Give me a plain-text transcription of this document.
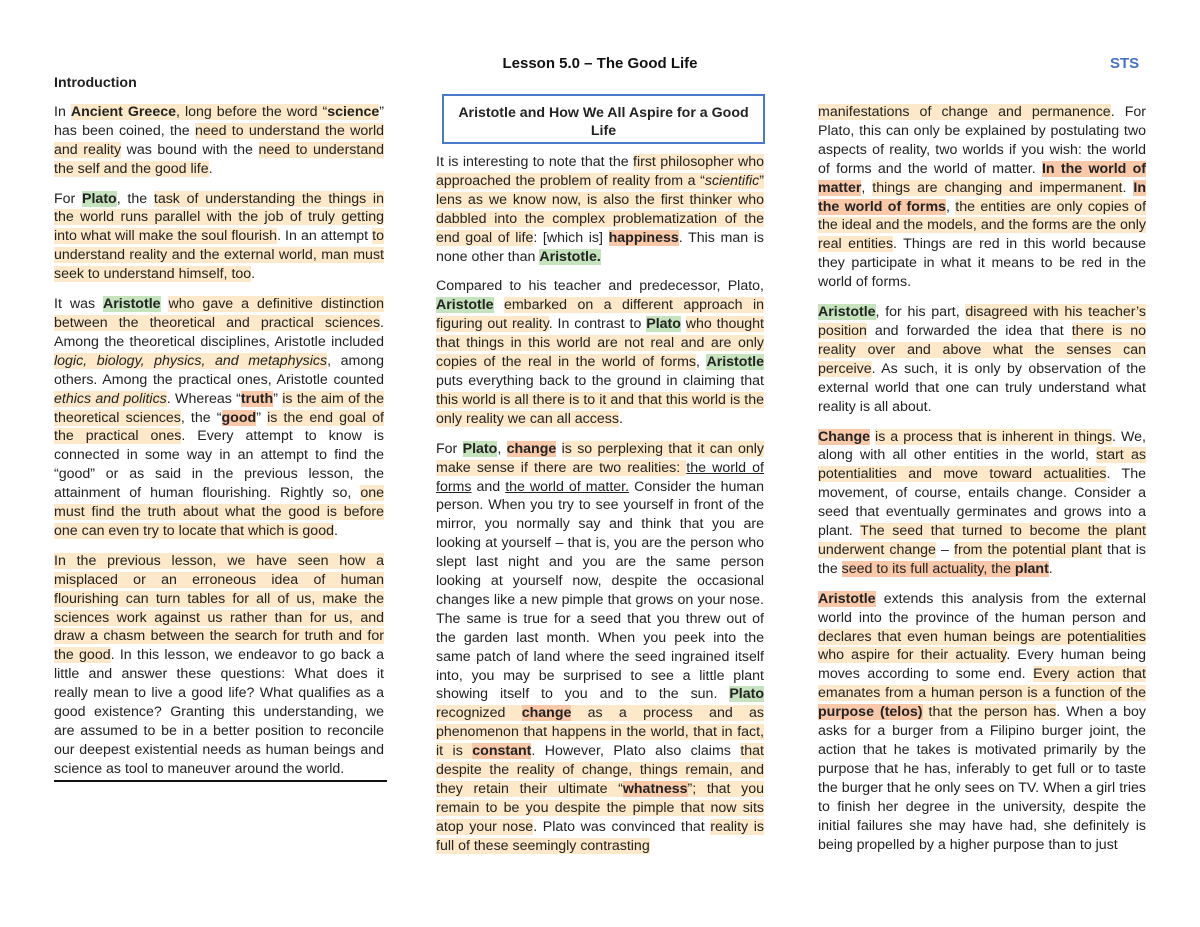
Lesson 5.0 – The Good Life	STS
Introduction

In Ancient Greece, long before the word “science” has been coined, the need to understand the world and reality was bound with the need to understand the self and the good life.

For Plato, the task of understanding the things in the world runs parallel with the job of truly getting into what will make the soul flourish. In an attempt to understand reality and the external world, man must seek to understand himself, too.

It was Aristotle who gave a definitive distinction between the theoretical and practical sciences. Among the theoretical disciplines, Aristotle included logic, biology, physics, and metaphysics, among others. Among the practical ones, Aristotle counted ethics and politics. Whereas “truth” is the aim of the theoretical sciences, the “good” is the end goal of the practical ones. Every attempt to know is connected in some way in an attempt to find the “good” or as said in the previous lesson, the attainment of human flourishing. Rightly so, one must find the truth about what the good is before one can even try to locate that which is good.

In the previous lesson, we have seen how a misplaced or an erroneous idea of human flourishing can turn tables for all of us, make the sciences work against us rather than for us, and draw a chasm between the search for truth and for the good. In this lesson, we endeavor to go back a little and answer these questions: What does it really mean to live a good life? What qualifies as a good existence? Granting this understanding, we are assumed to be in a better position to reconcile our deepest existential needs as human beings and science as tool to maneuver around the world.

Aristotle and How We All Aspire for a Good Life

It is interesting to note that the first philosopher who approached the problem of reality from a “scientific” lens as we know now, is also the first thinker who dabbled into the complex problematization of the end goal of life: [which is] happiness. This man is none other than Aristotle.

Compared to his teacher and predecessor, Plato, Aristotle embarked on a different approach in figuring out reality. In contrast to Plato who thought that things in this world are not real and are only copies of the real in the world of forms, Aristotle puts everything back to the ground in claiming that this world is all there is to it and that this world is the only reality we can all access.

For Plato, change is so perplexing that it can only make sense if there are two realities: the world of forms and the world of matter. Consider the human person. When you try to see yourself in front of the mirror, you normally say and think that you are looking at yourself – that is, you are the person who slept last night and you are the same person looking at yourself now, despite the occasional changes like a new pimple that grows on your nose. The same is true for a seed that you threw out of the garden last month. When you peek into the same patch of land where the seed ingrained itself into, you may be surprised to see a little plant showing itself to you and to the sun. Plato recognized change as a process and as phenomenon that happens in the world, that in fact, it is constant. However, Plato also claims that despite the reality of change, things remain, and they retain their ultimate “whatness”; that you remain to be you despite the pimple that now sits atop your nose. Plato was convinced that reality is full of these seemingly contrasting

manifestations of change and permanence. For Plato, this can only be explained by postulating two aspects of reality, two worlds if you wish: the world of forms and the world of matter. In the world of matter, things are changing and impermanent. In the world of forms, the entities are only copies of the ideal and the models, and the forms are the only real entities. Things are red in this world because they participate in what it means to be red in the world of forms.

Aristotle, for his part, disagreed with his teacher’s position and forwarded the idea that there is no reality over and above what the senses can perceive. As such, it is only by observation of the external world that one can truly understand what reality is all about.

Change is a process that is inherent in things. We, along with all other entities in the world, start as potentialities and move toward actualities. The movement, of course, entails change. Consider a seed that eventually germinates and grows into a plant. The seed that turned to become the plant underwent change – from the potential plant that is the seed to its full actuality, the plant.

Aristotle extends this analysis from the external world into the province of the human person and declares that even human beings are potentialities who aspire for their actuality. Every human being moves according to some end. Every action that emanates from a human person is a function of the purpose (telos) that the person has. When a boy asks for a burger from a Filipino burger joint, the action that he takes is motivated primarily by the purpose that he has, inferably to get full or to taste the burger that he only sees on TV. When a girl tries to finish her degree in the university, despite the initial failures she may have had, she definitely is being propelled by a higher purpose than to just
